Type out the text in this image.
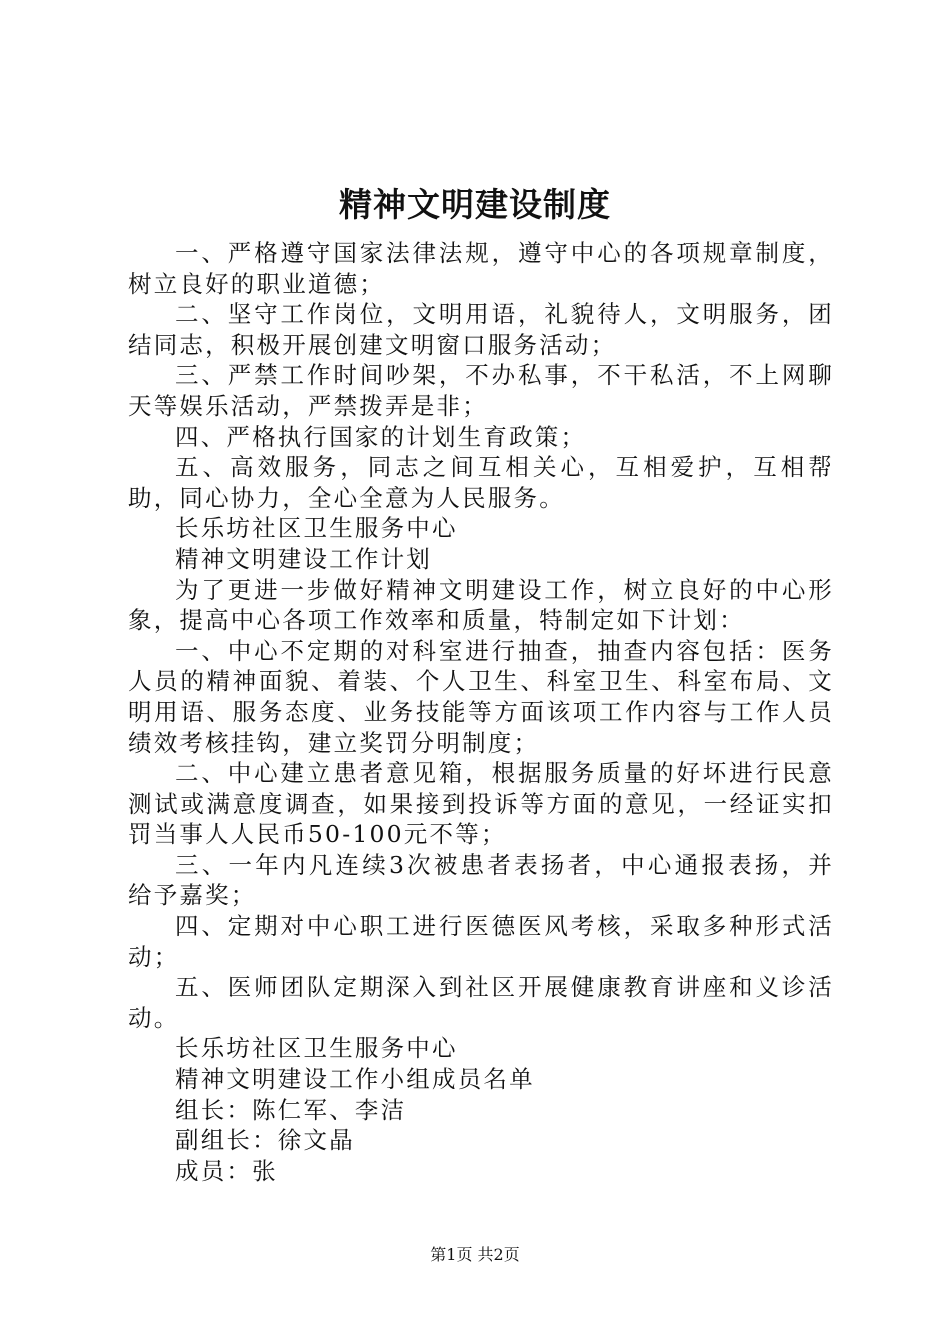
精神文明建设制度

一、严格遵守国家法律法规，遵守中心的各项规章制度，树立良好的职业道德；

二、坚守工作岗位，文明用语，礼貌待人，文明服务，团结同志，积极开展创建文明窗口服务活动；

三、严禁工作时间吵架，不办私事，不干私活，不上网聊天等娱乐活动，严禁拨弄是非；

四、严格执行国家的计划生育政策；

五、高效服务，同志之间互相关心，互相爱护，互相帮助，同心协力，全心全意为人民服务。

长乐坊社区卫生服务中心

精神文明建设工作计划

为了更进一步做好精神文明建设工作，树立良好的中心形象，提高中心各项工作效率和质量，特制定如下计划：

一、中心不定期的对科室进行抽查，抽查内容包括：医务人员的精神面貌、着装、个人卫生、科室卫生、科室布局、文明用语、服务态度、业务技能等方面该项工作内容与工作人员绩效考核挂钩，建立奖罚分明制度；

二、中心建立患者意见箱，根据服务质量的好坏进行民意测试或满意度调查，如果接到投诉等方面的意见，一经证实扣罚当事人人民币50-100元不等；

三、一年内凡连续3次被患者表扬者，中心通报表扬，并给予嘉奖；

四、定期对中心职工进行医德医风考核，采取多种形式活动；

五、医师团队定期深入到社区开展健康教育讲座和义诊活动。

长乐坊社区卫生服务中心

精神文明建设工作小组成员名单

组长：陈仁军、李洁

副组长：徐文晶

成员：张

第1页 共2页
